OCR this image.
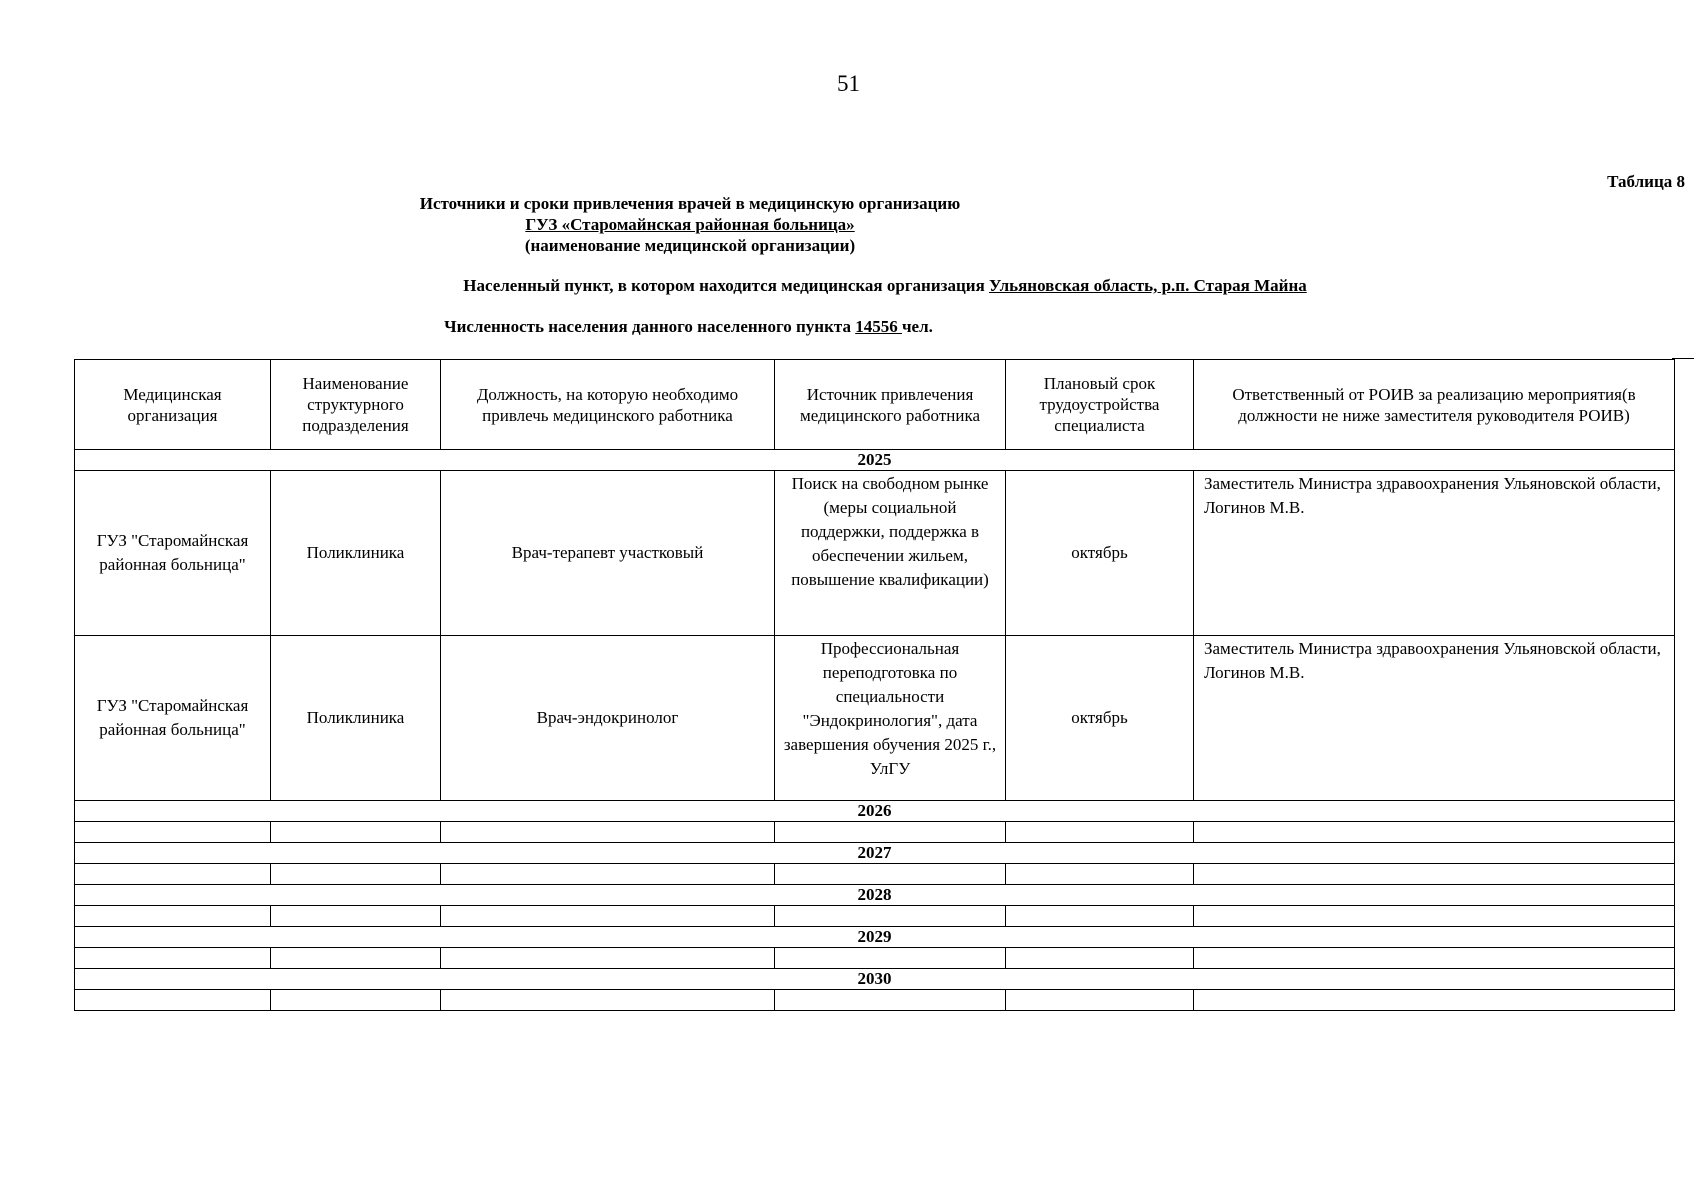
51
Таблица 8
Источники и сроки привлечения врачей в медицинскую организацию
ГУЗ «Старомайнская районная больница»
(наименование медицинской организации)
Населенный пункт, в котором находится медицинская организация Ульяновская область, р.п. Старая Майна
Численность населения данного населенного пункта 14556 чел.
Медицинская организация	Наименование структурного подразделения	Должность, на которую необходимо привлечь медицинского работника	Источник привлечения медицинского работника	Плановый срок трудоустройства специалиста	Ответственный от РОИВ за реализацию мероприятия(в должности не ниже заместителя руководителя РОИВ)
2025					
ГУЗ "Старомайнская районная больница"	Поликлиника	Врач-терапевт участковый	Поиск на свободном рынке (меры социальной поддержки, поддержка в обеспечении жильем, повышение квалификации)	октябрь	Заместитель Министра здравоохранения Ульяновской области, Логинов М.В.
ГУЗ "Старомайнская районная больница"	Поликлиника	Врач-эндокринолог	Профессиональная переподготовка по специальности "Эндокринология", дата завершения обучения 2025 г., УлГУ	октябрь	Заместитель Министра здравоохранения Ульяновской области, Логинов М.В.
2026					

2027					

2028					

2029					

2030					
